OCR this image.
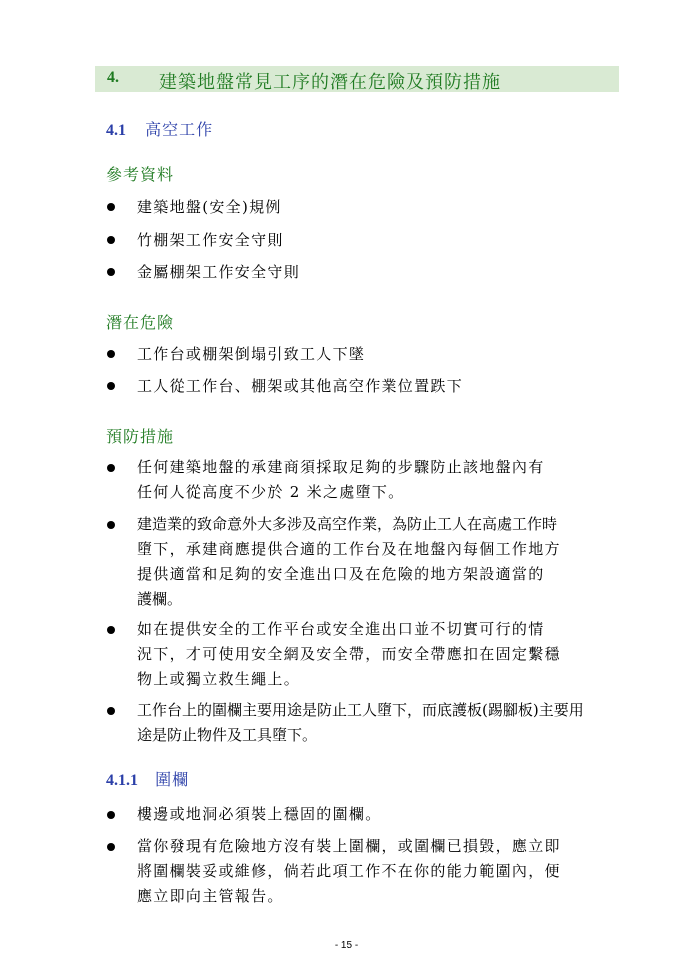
4. 建築地盤常見工序的潛在危險及預防措施
4.1 高空工作
參考資料
建築地盤(安全)規例
竹棚架工作安全守則
金屬棚架工作安全守則
潛在危險
工作台或棚架倒塌引致工人下墜
工人從工作台、棚架或其他高空作業位置跌下
預防措施
任何建築地盤的承建商須採取足夠的步驟防止該地盤內有
任何人從高度不少於 2 米之處墮下。
建造業的致命意外大多涉及高空作業，為防止工人在高處工作時
墮下，承建商應提供合適的工作台及在地盤內每個工作地方
提供適當和足夠的安全進出口及在危險的地方架設適當的
護欄。
如在提供安全的工作平台或安全進出口並不切實可行的情
況下，才可使用安全網及安全帶，而安全帶應扣在固定繫穩
物上或獨立救生繩上。
工作台上的圍欄主要用途是防止工人墮下，而底護板(踢腳板)主要用
途是防止物件及工具墮下。
4.1.1 圍欄
樓邊或地洞必須裝上穩固的圍欄。
當你發現有危險地方沒有裝上圍欄，或圍欄已損毀，應立即
將圍欄裝妥或維修，倘若此項工作不在你的能力範圍內，便
應立即向主管報告。
- 15 -
